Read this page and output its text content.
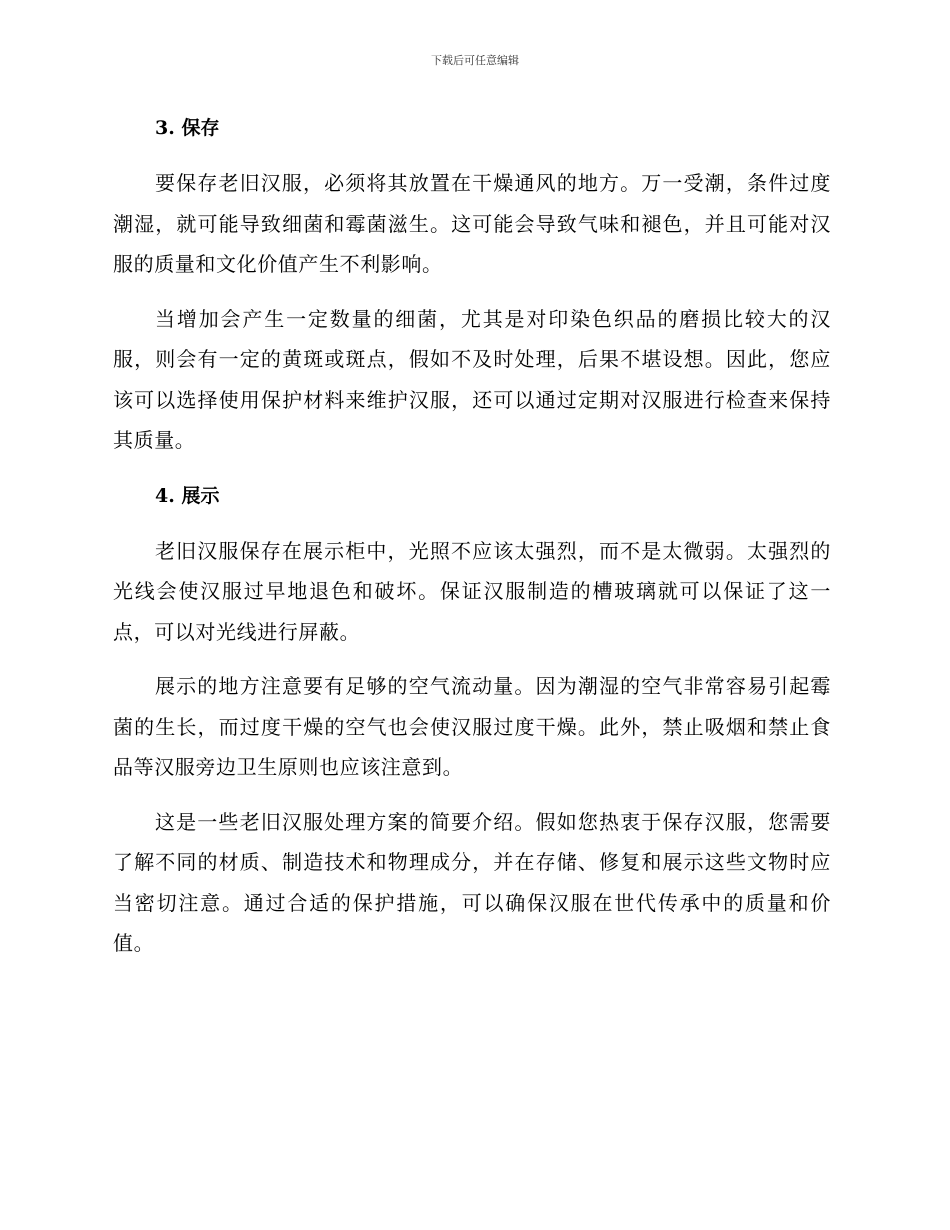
下载后可任意编辑
3. 保存

要保存老旧汉服，必须将其放置在干燥通风的地方。万一受潮，条件过度潮湿，就可能导致细菌和霉菌滋生。这可能会导致气味和褪色，并且可能对汉服的质量和文化价值产生不利影响。

当增加会产生一定数量的细菌，尤其是对印染色织品的磨损比较大的汉服，则会有一定的黄斑或斑点，假如不及时处理，后果不堪设想。因此，您应该可以选择使用保护材料来维护汉服，还可以通过定期对汉服进行检查来保持其质量。

4. 展示

老旧汉服保存在展示柜中，光照不应该太强烈，而不是太微弱。太强烈的光线会使汉服过早地退色和破坏。保证汉服制造的槽玻璃就可以保证了这一点，可以对光线进行屏蔽。

展示的地方注意要有足够的空气流动量。因为潮湿的空气非常容易引起霉菌的生长，而过度干燥的空气也会使汉服过度干燥。此外，禁止吸烟和禁止食品等汉服旁边卫生原则也应该注意到。

这是一些老旧汉服处理方案的简要介绍。假如您热衷于保存汉服，您需要了解不同的材质、制造技术和物理成分，并在存储、修复和展示这些文物时应当密切注意。通过合适的保护措施，可以确保汉服在世代传承中的质量和价值。
